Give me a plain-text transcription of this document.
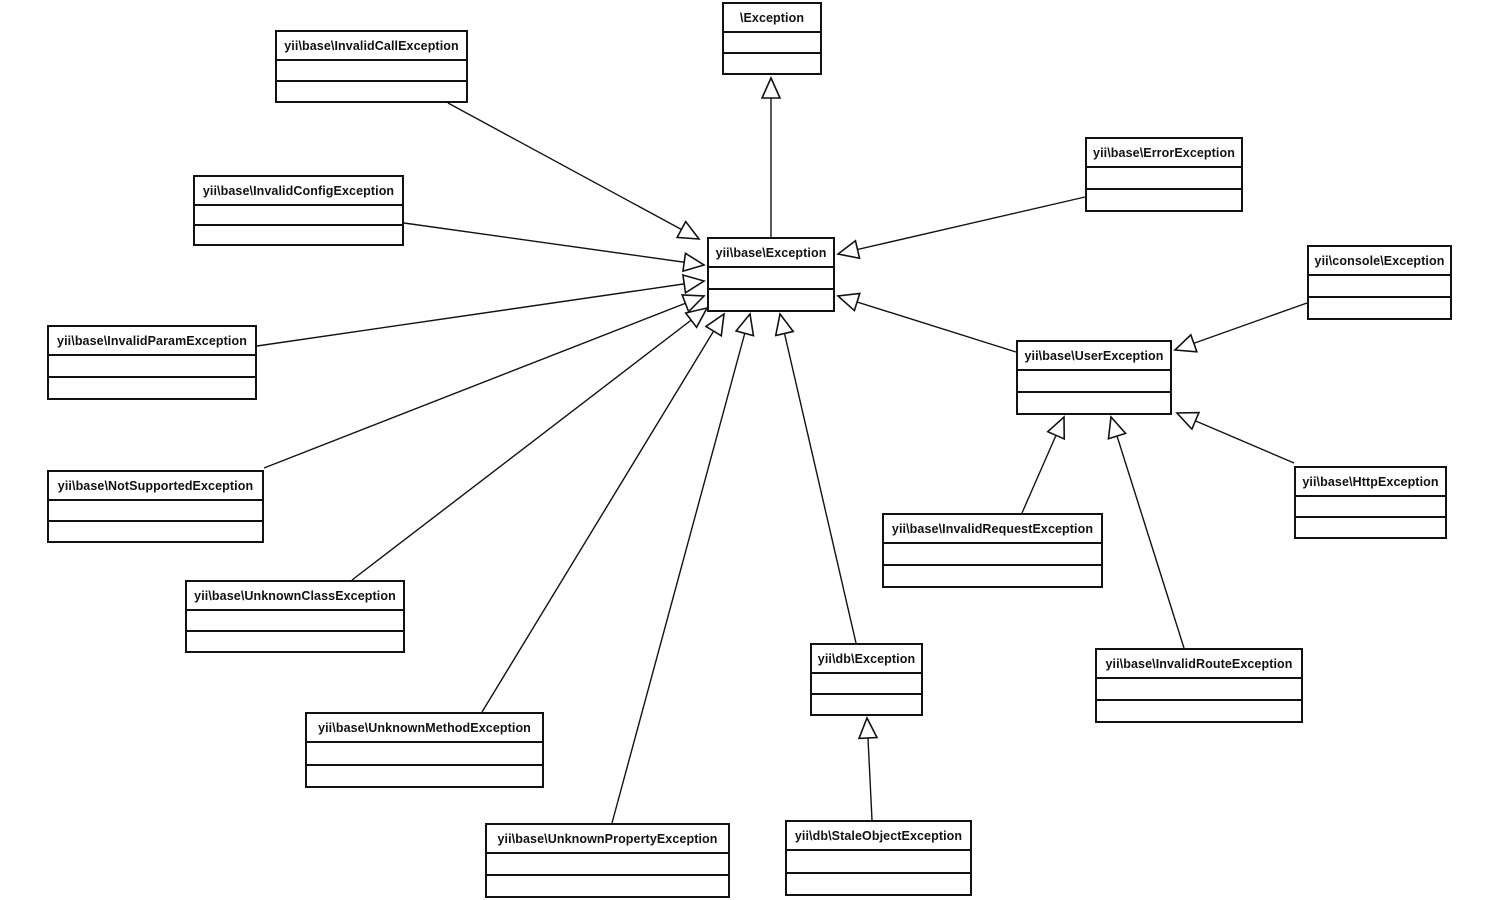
\Exception
yii\base\Exception
yii\base\InvalidCallException
yii\base\InvalidConfigException
yii\base\InvalidParamException
yii\base\NotSupportedException
yii\base\UnknownClassException
yii\base\UnknownMethodException
yii\base\UnknownPropertyException
yii\base\ErrorException
yii\console\Exception
yii\base\UserException
yii\base\HttpException
yii\base\InvalidRequestException
yii\base\InvalidRouteException
yii\db\Exception
yii\db\StaleObjectException
